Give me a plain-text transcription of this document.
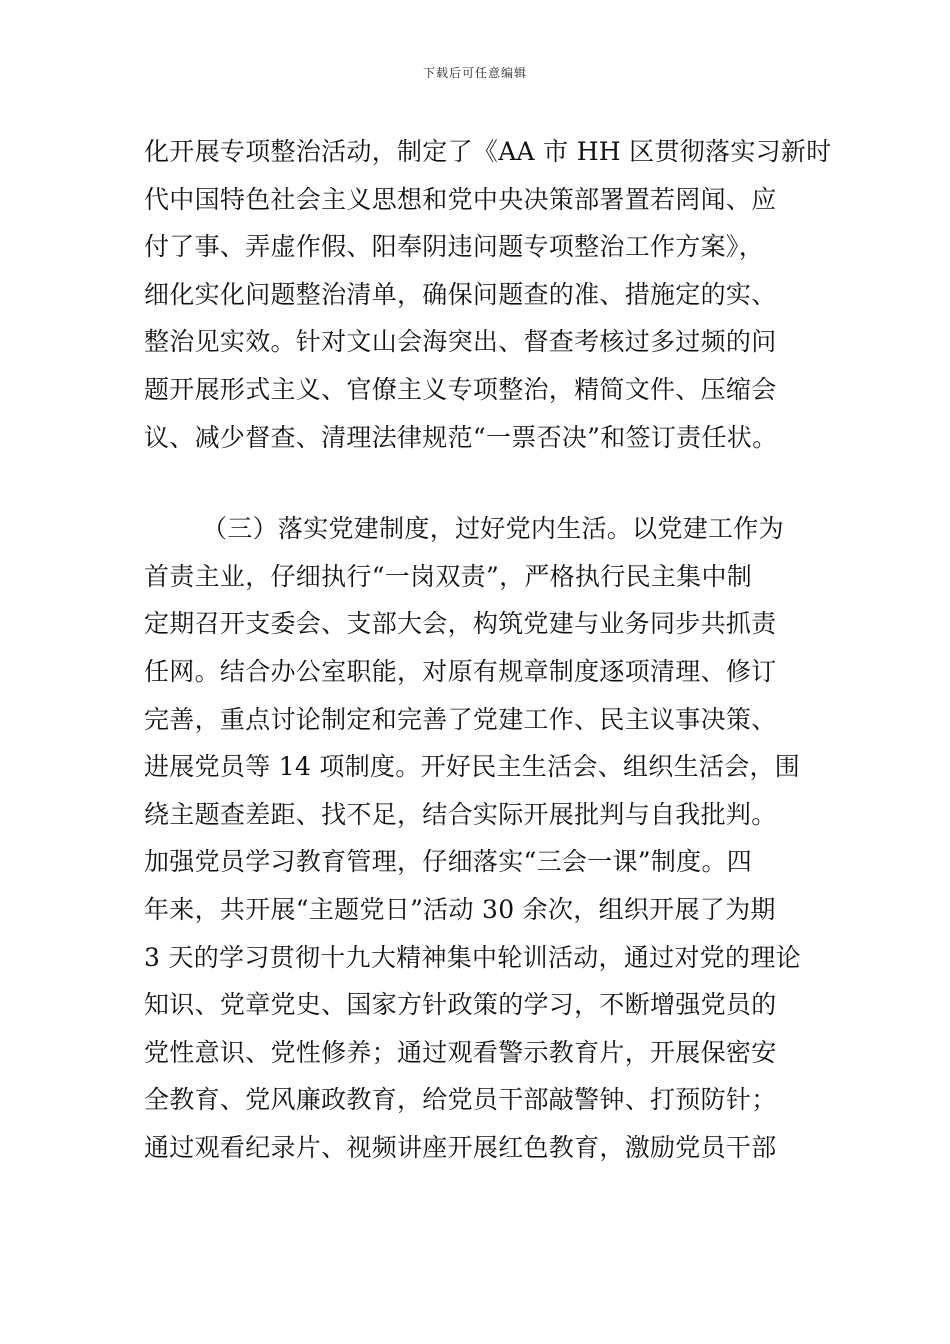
下载后可任意编辑
化开展专项整治活动，制定了《AA 市 HH 区贯彻落实习新时
代中国特色社会主义思想和党中央决策部署置若罔闻、应
付了事、弄虚作假、阳奉阴违问题专项整治工作方案》，
细化实化问题整治清单，确保问题查的准、措施定的实、
整治见实效。针对文山会海突出、督查考核过多过频的问
题开展形式主义、官僚主义专项整治，精简文件、压缩会
议、减少督查、清理法律规范“一票否决”和签订责任状。
（三）落实党建制度，过好党内生活。以党建工作为
首责主业，仔细执行“一岗双责”，严格执行民主集中制
定期召开支委会、支部大会，构筑党建与业务同步共抓责
任网。结合办公室职能，对原有规章制度逐项清理、修订
完善，重点讨论制定和完善了党建工作、民主议事决策、
进展党员等 14 项制度。开好民主生活会、组织生活会，围
绕主题查差距、找不足，结合实际开展批判与自我批判。
加强党员学习教育管理，仔细落实“三会一课”制度。四
年来，共开展“主题党日”活动 30 余次，组织开展了为期
3 天的学习贯彻十九大精神集中轮训活动，通过对党的理论
知识、党章党史、国家方针政策的学习，不断增强党员的
党性意识、党性修养；通过观看警示教育片，开展保密安
全教育、党风廉政教育，给党员干部敲警钟、打预防针；
通过观看纪录片、视频讲座开展红色教育，激励党员干部
